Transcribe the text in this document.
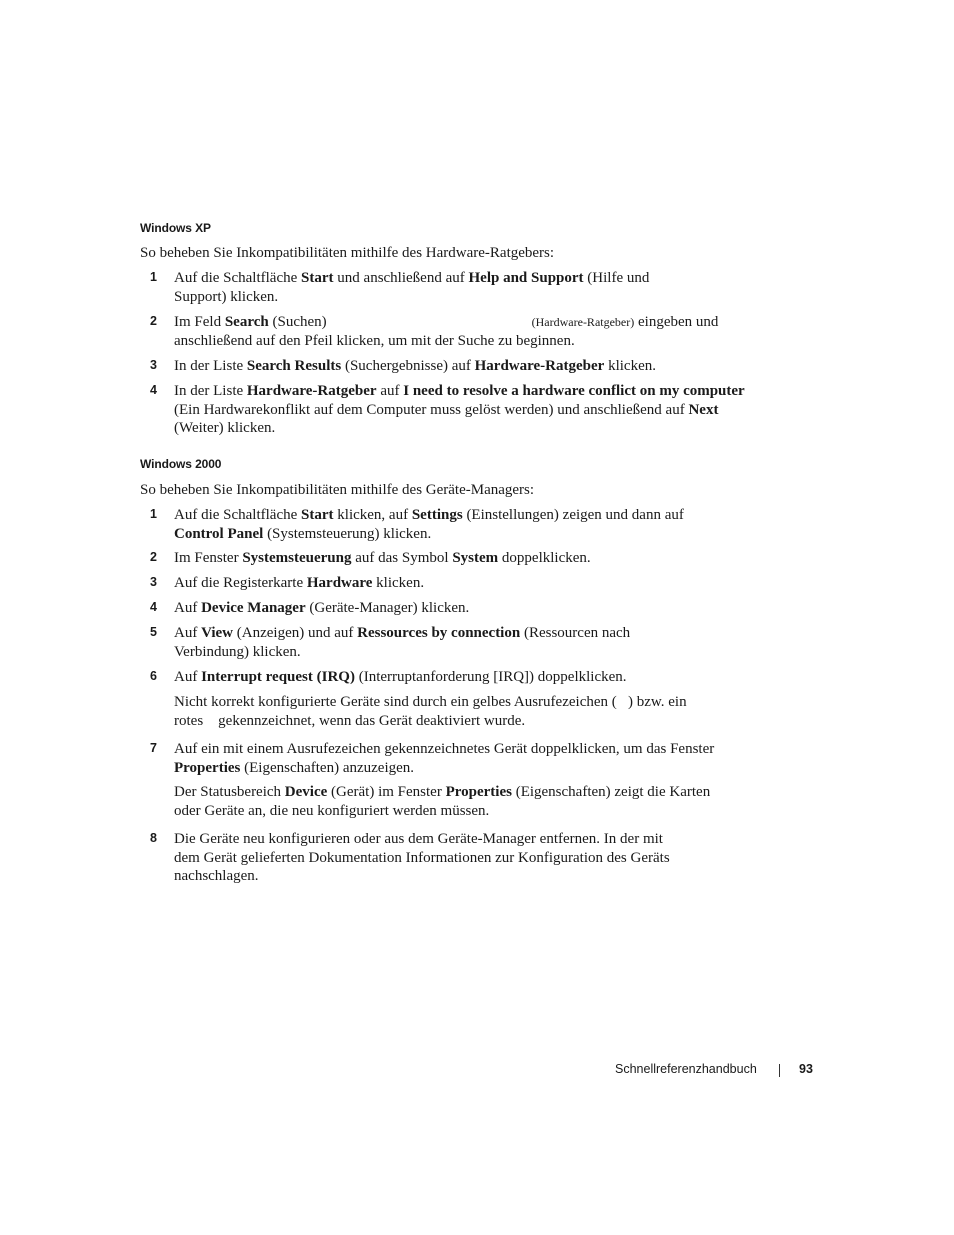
Windows XP
So beheben Sie Inkompatibilitäten mithilfe des Hardware-Ratgebers:
1 Auf die Schaltfläche Start und anschließend auf Help and Support (Hilfe und
Support) klicken.
2 Im Feld Search (Suchen)	(Hardware-Ratgeber) eingeben und
anschließend auf den Pfeil klicken, um mit der Suche zu beginnen.
3 In der Liste Search Results (Suchergebnisse) auf Hardware-Ratgeber klicken.
4 In der Liste Hardware-Ratgeber auf I need to resolve a hardware conflict on my computer
(Ein Hardwarekonflikt auf dem Computer muss gelöst werden) und anschließend auf Next
(Weiter) klicken.
Windows 2000
So beheben Sie Inkompatibilitäten mithilfe des Geräte-Managers:
1 Auf die Schaltfläche Start klicken, auf Settings (Einstellungen) zeigen und dann auf
Control Panel (Systemsteuerung) klicken.
2 Im Fenster Systemsteuerung auf das Symbol System doppelklicken.
3 Auf die Registerkarte Hardware klicken.
4 Auf Device Manager (Geräte-Manager) klicken.
5 Auf View (Anzeigen) und auf Ressources by connection (Ressourcen nach
Verbindung) klicken.
6 Auf Interrupt request (IRQ) (Interruptanforderung [IRQ]) doppelklicken.
Nicht korrekt konfigurierte Geräte sind durch ein gelbes Ausrufezeichen (   ) bzw. ein
rotes    gekennzeichnet, wenn das Gerät deaktiviert wurde.
7 Auf ein mit einem Ausrufezeichen gekennzeichnetes Gerät doppelklicken, um das Fenster
Properties (Eigenschaften) anzuzeigen.
Der Statusbereich Device (Gerät) im Fenster Properties (Eigenschaften) zeigt die Karten
oder Geräte an, die neu konfiguriert werden müssen.
8 Die Geräte neu konfigurieren oder aus dem Geräte-Manager entfernen. In der mit
dem Gerät gelieferten Dokumentation Informationen zur Konfiguration des Geräts
nachschlagen.
Schnellreferenzhandbuch	93
